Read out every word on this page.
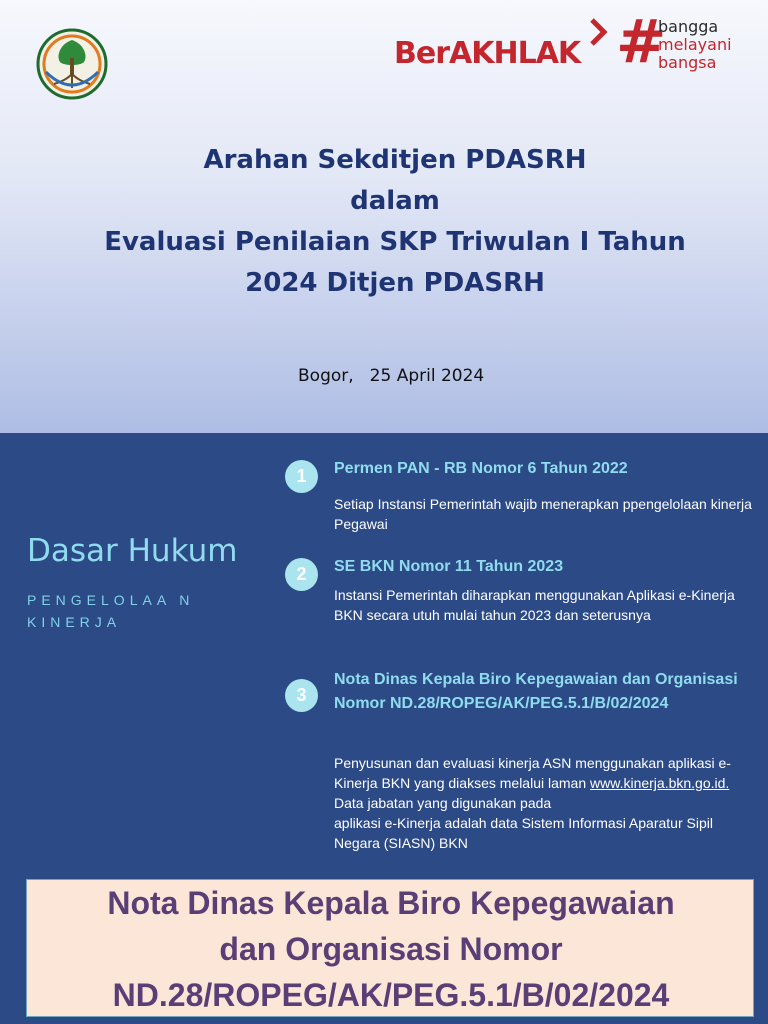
BerAKHLAK #
bangga
melayani
bangsa
Arahan Sekditjen PDASRH
dalam
Evaluasi Penilaian SKP Triwulan I Tahun
2024 Ditjen PDASRH
Bogor, 25 April 2024
Dasar Hukum
PENGELOLAA NKINERJA
1	Permen PAN - RB Nomor 6 Tahun 2022
Setiap Instansi Pemerintah wajib menerapkan ppengelolaan kinerja Pegawai
2	SE BKN Nomor 11 Tahun 2023
Instansi Pemerintah diharapkan menggunakan Aplikasi e-Kinerja BKN secara utuh mulai tahun 2023 dan seterusnya
3
Nota Dinas Kepala Biro Kepegawaian dan Organisasi Nomor ND.28/ROPEG/AK/PEG.5.1/B/02/2024
Penyusunan dan evaluasi kinerja ASN menggunakan aplikasi e-Kinerja BKN yang diakses melalui laman www.kinerja.bkn.go.id. Data jabatan yang digunakan pada
aplikasi e-Kinerja adalah data Sistem Informasi Aparatur Sipil Negara (SIASN) BKN
Nota Dinas Kepala Biro Kepegawaian
dan Organisasi Nomor
ND.28/ROPEG/AK/PEG.5.1/B/02/2024
